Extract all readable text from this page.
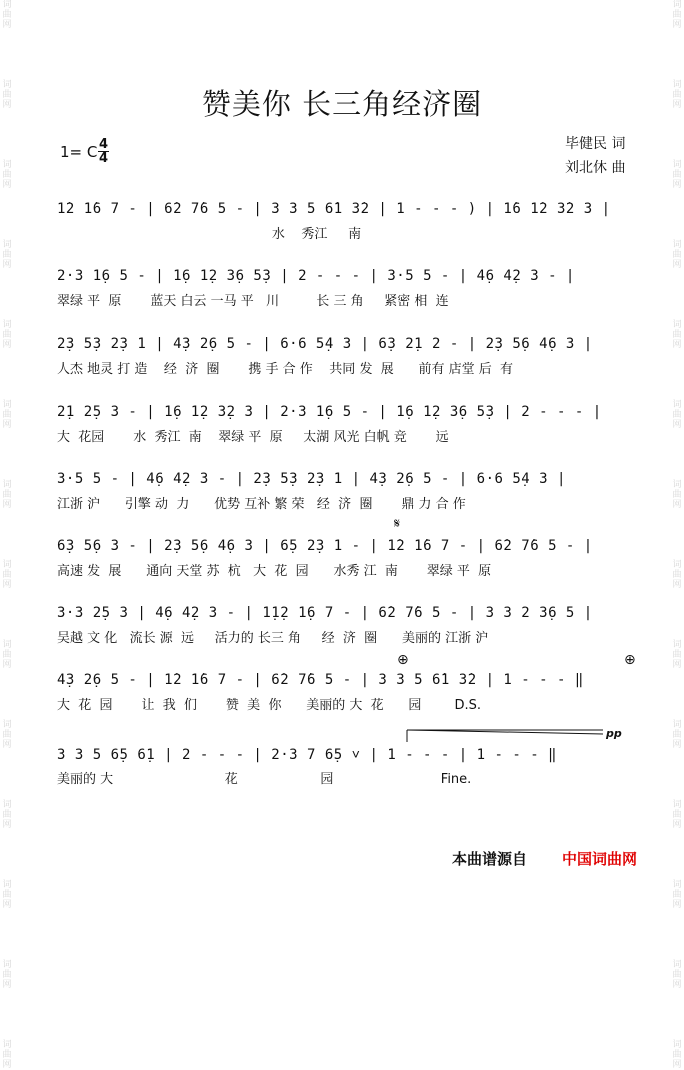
词
曲
网
词
曲
网
词
曲
网
词
曲
网
词
曲
网
词
曲
网
词
曲
网
词
曲
网
词
曲
网
词
曲
网
词
曲
网
词
曲
网
词
曲
网
词
曲
网
词
曲
网
词
曲
网
词
曲
网
词
曲
网
词
曲
网
词
曲
网
词
曲
网
词
曲
网
词
曲
网
词
曲
网
词
曲
网
词
曲
网
词
曲
网
词
曲
网
赞美你 长三角经济圈
1= C 4
4
毕健民 词
刘北休 曲
1̇2 1̇6 7 - | 6̇2 7̇6 5 - | 3 3 5 6̇1 3̇2 | 1 - - - ) | 1̇6 1̇2 3̇2 3 |
水    秀江     南
2·3 1̣6 5 - | 1̣6 1̣2 3̣6 5̣3 | 2 - - - | 3·5 5 - | 4̣6 4̣2 3 - |
翠绿 平  原       蓝天 白云 一马 平   川         长 三 角     紧密 相  连
2̣3 5̣3 2̣3 1 | 4̣3 2̣6 5 - | 6·6 5̣4 3 | 6̣3 2̣1 2 - | 2̣3 5̣6 4̣6 3 |
人杰 地灵 打 造    经  济  圈       携 手 合 作    共同 发  展      前有 店堂 后  有
2̣1 2̣5 3 - | 1̣6 1̣2 3̣2 3 | 2·3 1̣6 5 - | 1̣6 1̣2 3̣6 5̣3 | 2 - - - |
大  花园       水  秀江  南    翠绿 平  原     太湖 风光 白帆 竞       远
3·5 5 - | 4̣6 4̣2 3 - | 2̣3 5̣3 2̣3 1 | 4̣3 2̣6 5 - | 6·6 5̣4 3 |
江浙 沪      引擎 动  力      优势 互补 繁 荣   经  济  圈       鼎 力 合 作
𝄋
6̣3 5̣6 3 - | 2̣3 5̣6 4̣6 3 | 6̣5 2̣3 1 - | 1̇2 1̇6 7 - | 6̇2 7̇6 5 - |
高速 发  展      通向 天堂 苏  杭   大  花  园      水秀 江  南       翠绿 平  原
3·3 2̣5 3 | 4̣6 4̣2 3 - | 1̣1̣2 1̣6 7 - | 6̇2 7̇6 5 - | 3 3 2 3̣6 5 |
吴越 文 化   流长 源  远     活力的 长三 角     经  济  圈      美丽的 江浙 沪
⊕	⊕
4̣3 2̣6 5 - | 1̇2 1̇6 7 - | 6̇2 7̇6 5 - | 3 3 5 6̇1 3̇2 | 1 - - - ‖
大  花  园       让  我  们       赞  美  你      美丽的 大  花      园        D.S.
pp
3 3 5 6̣5 6̣1 | 2 - - - | 2·3 7 6̣5 ˅ | 1 - - - | 1 - - - ‖
美丽的 大                           花                    园                          Fine.
本曲谱源自 中国词曲网
